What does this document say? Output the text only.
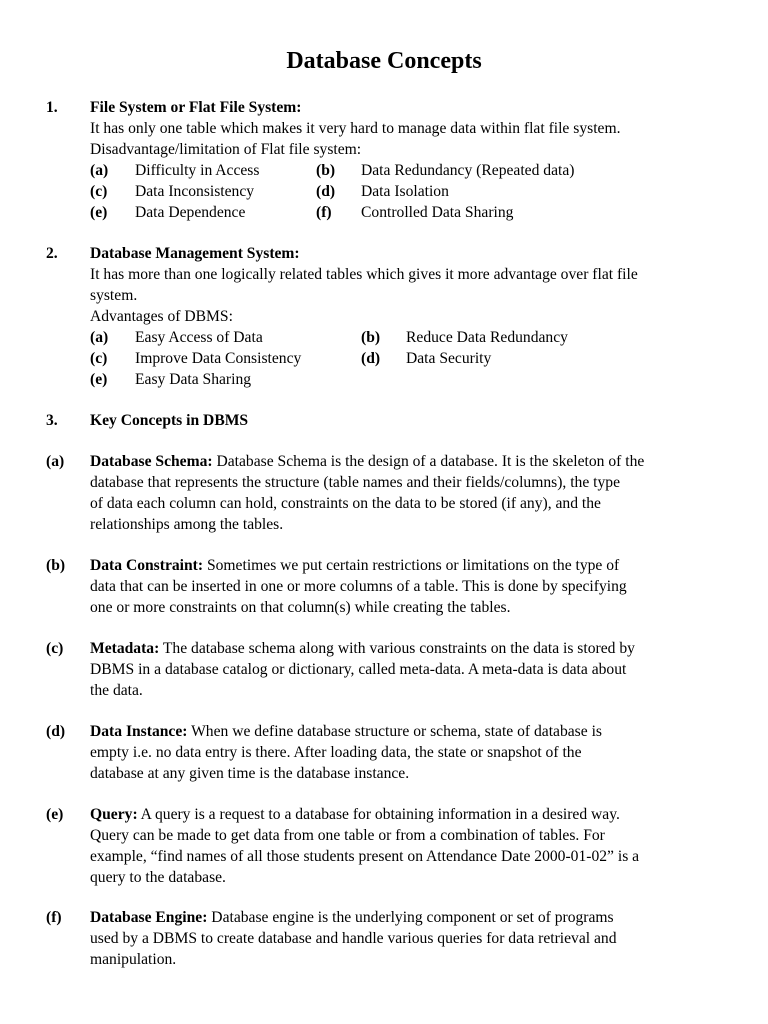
Database Concepts
1. File System or Flat File System:
It has only one table which makes it very hard to manage data within flat file system.
Disadvantage/limitation of Flat file system:
(a) Difficulty in Access	(b) Data Redundancy (Repeated data)
(c) Data Inconsistency	(d) Data Isolation
(e) Data Dependence	(f) Controlled Data Sharing
2. Database Management System:
It has more than one logically related tables which gives it more advantage over flat file
system.
Advantages of DBMS:
(a) Easy Access of Data	(b) Reduce Data Redundancy
(c) Improve Data Consistency	(d) Data Security
(e) Easy Data Sharing
3. Key Concepts in DBMS
(a) Database Schema: Database Schema is the design of a database. It is the skeleton of the
database that represents the structure (table names and their fields/columns), the type
of data each column can hold, constraints on the data to be stored (if any), and the
relationships among the tables.
(b) Data Constraint: Sometimes we put certain restrictions or limitations on the type of
data that can be inserted in one or more columns of a table. This is done by specifying
one or more constraints on that column(s) while creating the tables.
(c) Metadata: The database schema along with various constraints on the data is stored by
DBMS in a database catalog or dictionary, called meta-data. A meta-data is data about
the data.
(d) Data Instance: When we define database structure or schema, state of database is
empty i.e. no data entry is there. After loading data, the state or snapshot of the
database at any given time is the database instance.
(e) Query: A query is a request to a database for obtaining information in a desired way.
Query can be made to get data from one table or from a combination of tables. For
example, “find names of all those students present on Attendance Date 2000-01-02” is a
query to the database.
(f) Database Engine: Database engine is the underlying component or set of programs
used by a DBMS to create database and handle various queries for data retrieval and
manipulation.
